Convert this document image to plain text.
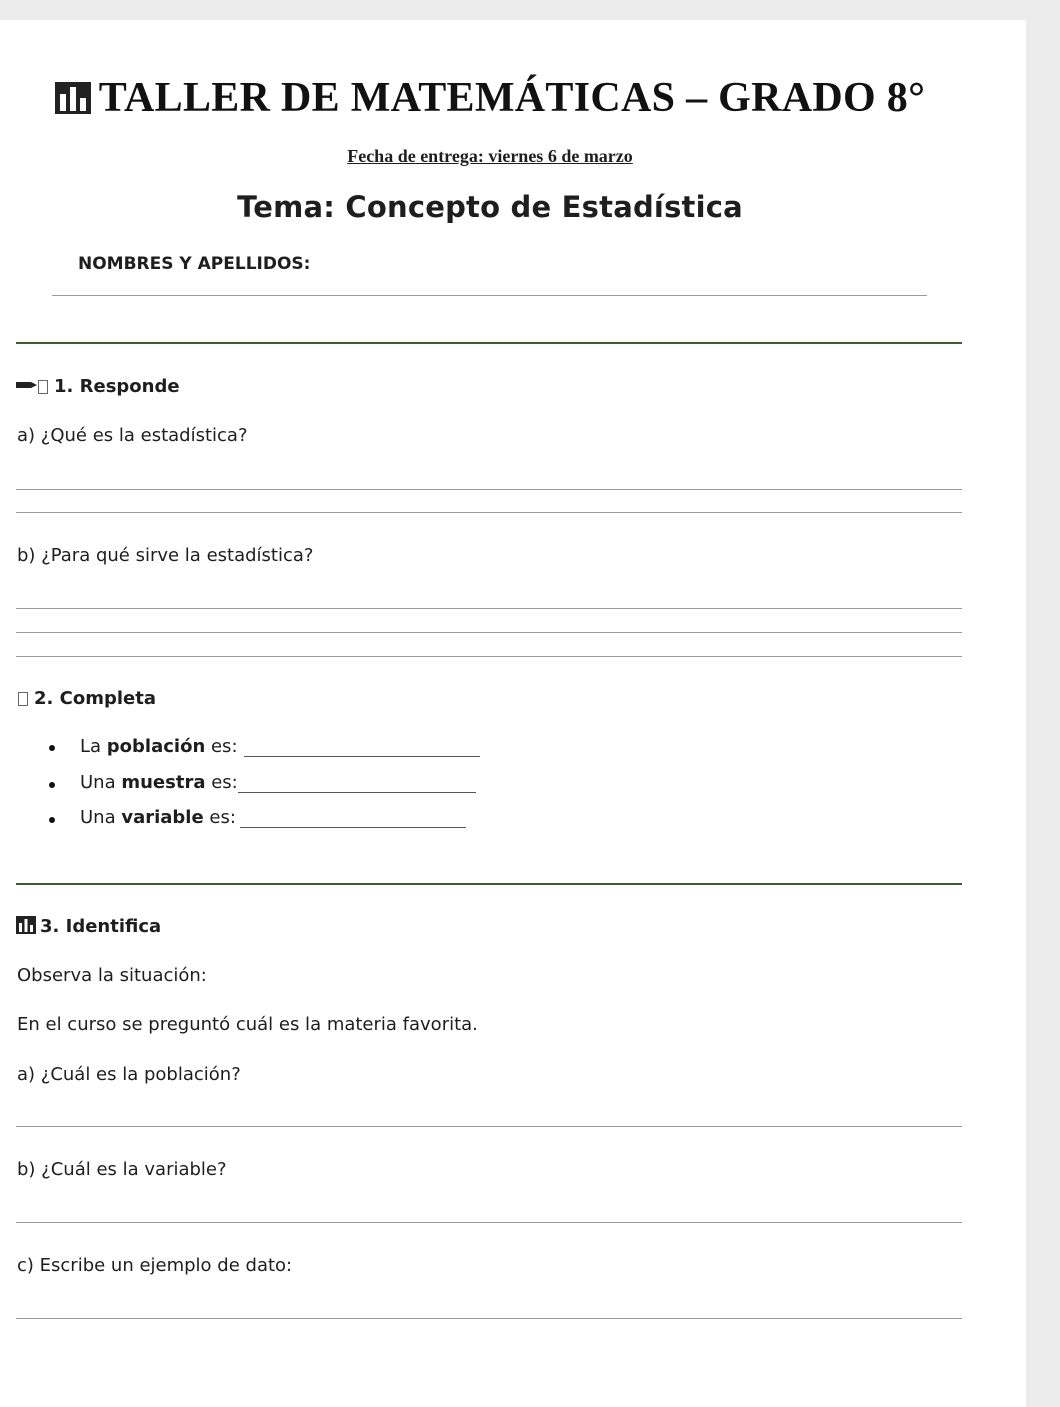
TALLER DE MATEMÁTICAS – GRADO 8°
Fecha de entrega: viernes 6 de marzo
Tema: Concepto de Estadística
NOMBRES Y APELLIDOS:
1. Responde
a) ¿Qué es la estadística?
b) ¿Para qué sirve la estadística?
2. Completa
La población es:
Una muestra es:
Una variable es:
3. Identifica
Observa la situación:
En el curso se preguntó cuál es la materia favorita.
a) ¿Cuál es la población?
b) ¿Cuál es la variable?
c) Escribe un ejemplo de dato:
